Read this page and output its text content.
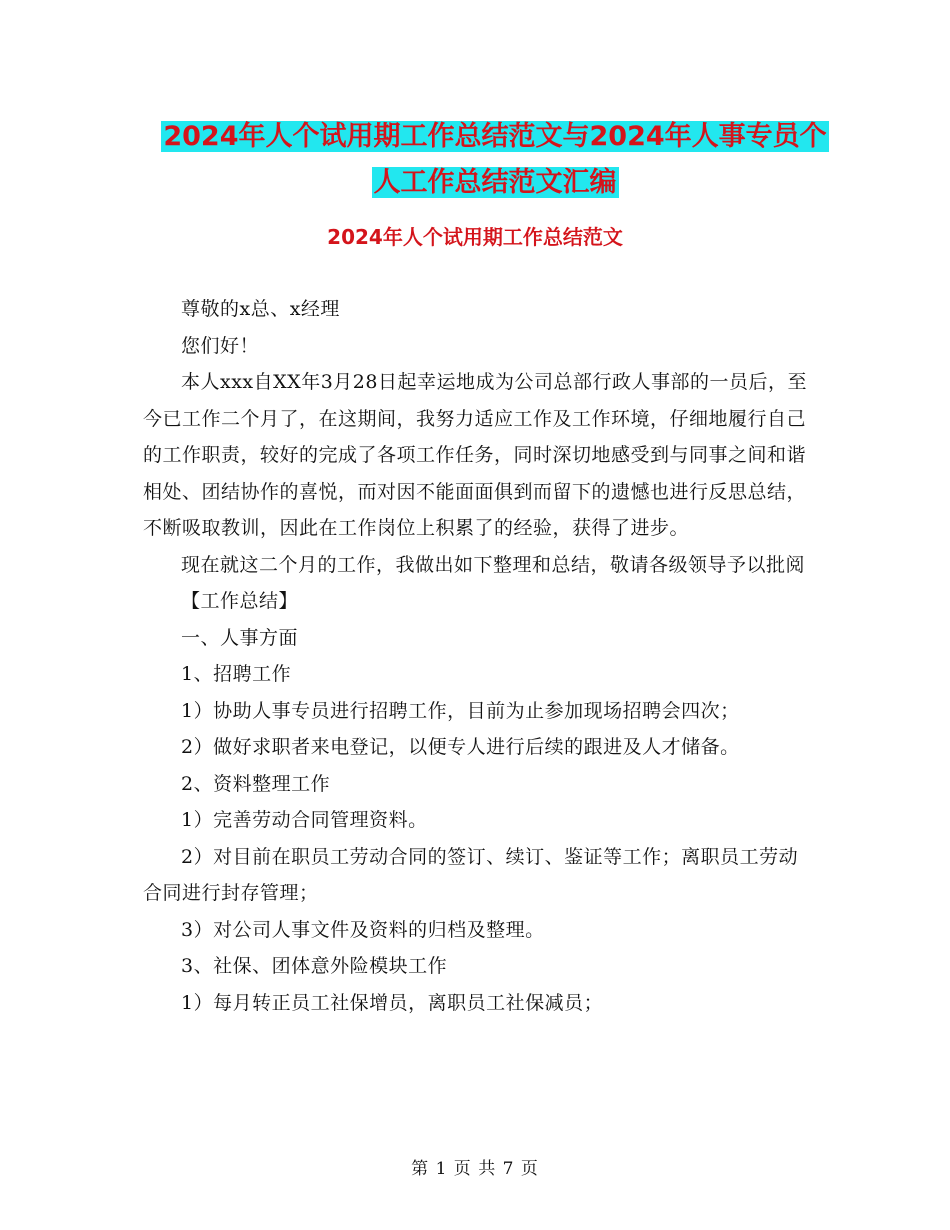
2024年人个试用期工作总结范文与2024年人事专员个
人工作总结范文汇编
2024年人个试用期工作总结范文

尊敬的x总、x经理

您们好！

本人xxx自XX年3月28日起幸运地成为公司总部行政人事部的一员后，至今已工作二个月了，在这期间，我努力适应工作及工作环境，仔细地履行自己的工作职责，较好的完成了各项工作任务，同时深切地感受到与同事之间和谐相处、团结协作的喜悦，而对因不能面面俱到而留下的遗憾也进行反思总结，不断吸取教训，因此在工作岗位上积累了的经验，获得了进步。

现在就这二个月的工作，我做出如下整理和总结，敬请各级领导予以批阅

【工作总结】

一、人事方面

1、招聘工作

1）协助人事专员进行招聘工作，目前为止参加现场招聘会四次；

2）做好求职者来电登记，以便专人进行后续的跟进及人才储备。

2、资料整理工作

1）完善劳动合同管理资料。

2）对目前在职员工劳动合同的签订、续订、鉴证等工作；离职员工劳动合同进行封存管理；

3）对公司人事文件及资料的归档及整理。

3、社保、团体意外险模块工作

1）每月转正员工社保增员，离职员工社保减员；

第 1 页 共 7 页
